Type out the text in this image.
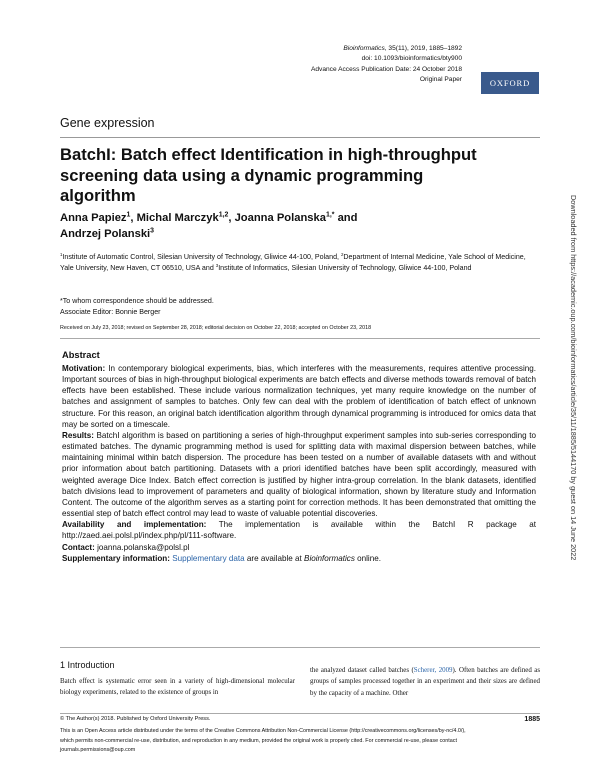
Bioinformatics, 35(11), 2019, 1885–1892
doi: 10.1093/bioinformatics/bty900
Advance Access Publication Date: 24 October 2018
Original Paper	OXFORD
Gene expression
BatchI: Batch effect Identification in high-throughput screening data using a dynamic programming algorithm
Anna Papiez$^1$, Michal Marczyk$^{1,2}$, Joanna Polanska$^{1,*}$ and
Andrzej Polanski$^3$
$^1$Institute of Automatic Control, Silesian University of Technology, Gliwice 44-100, Poland, $^2$Department of Internal Medicine, Yale School of Medicine, Yale University, New Haven, CT 06510, USA and $^3$Institute of Informatics, Silesian University of Technology, Gliwice 44-100, Poland
*To whom correspondence should be addressed.
Associate Editor: Bonnie Berger
Received on July 23, 2018; revised on September 28, 2018; editorial decision on October 22, 2018; accepted on October 23, 2018
Abstract

Motivation: In contemporary biological experiments, bias, which interferes with the measurements, requires attentive processing. Important sources of bias in high-throughput biological experiments are batch effects and diverse methods towards removal of batch effects have been established. These include various normalization techniques, yet many require knowledge on the number of batches and assignment of samples to batches. Only few can deal with the problem of identification of batch effect of unknown structure. For this reason, an original batch identification algorithm through dynamical programming is introduced for omics data that may be sorted on a timescale.

Results: BatchI algorithm is based on partitioning a series of high-throughput experiment samples into sub-series corresponding to estimated batches. The dynamic programming method is used for splitting data with maximal dispersion between batches, while maintaining minimal within batch dispersion. The procedure has been tested on a number of available datasets with and without prior information about batch partitioning. Datasets with a priori identified batches have been split accordingly, measured with weighted average Dice Index. Batch effect correction is justified by higher intra-group correlation. In the blank datasets, identified batch divisions lead to improvement of parameters and quality of biological information, shown by literature study and Information Content. The outcome of the algorithm serves as a starting point for correction methods. It has been demonstrated that omitting the essential step of batch effect control may lead to waste of valuable potential discoveries.

Availability and implementation: The implementation is available within the BatchI R package at http://zaed.aei.polsl.pl/index.php/pl/111-software.

Contact: joanna.polanska@polsl.pl

Supplementary information: Supplementary data are available at Bioinformatics online.

1 Introduction
Batch effect is systematic error seen in a variety of high-dimensional molecular biology experiments, related to the existence of groups in
the analyzed dataset called batches (Scherer, 2009). Often batches are defined as groups of samples processed together in an experiment and their sizes are defined by the capacity of a machine. Other
© The Author(s) 2018. Published by Oxford University Press.	1885
This is an Open Access article distributed under the terms of the Creative Commons Attribution Non-Commercial License (http://creativecommons.org/licenses/by-nc/4.0/),
which permits non-commercial re-use, distribution, and reproduction in any medium, provided the original work is properly cited. For commercial re-use, please contact
journals.permissions@oup.com
Downloaded from https://academic.oup.com/bioinformatics/article/35/11/1885/5144170 by guest on 14 June 2022
